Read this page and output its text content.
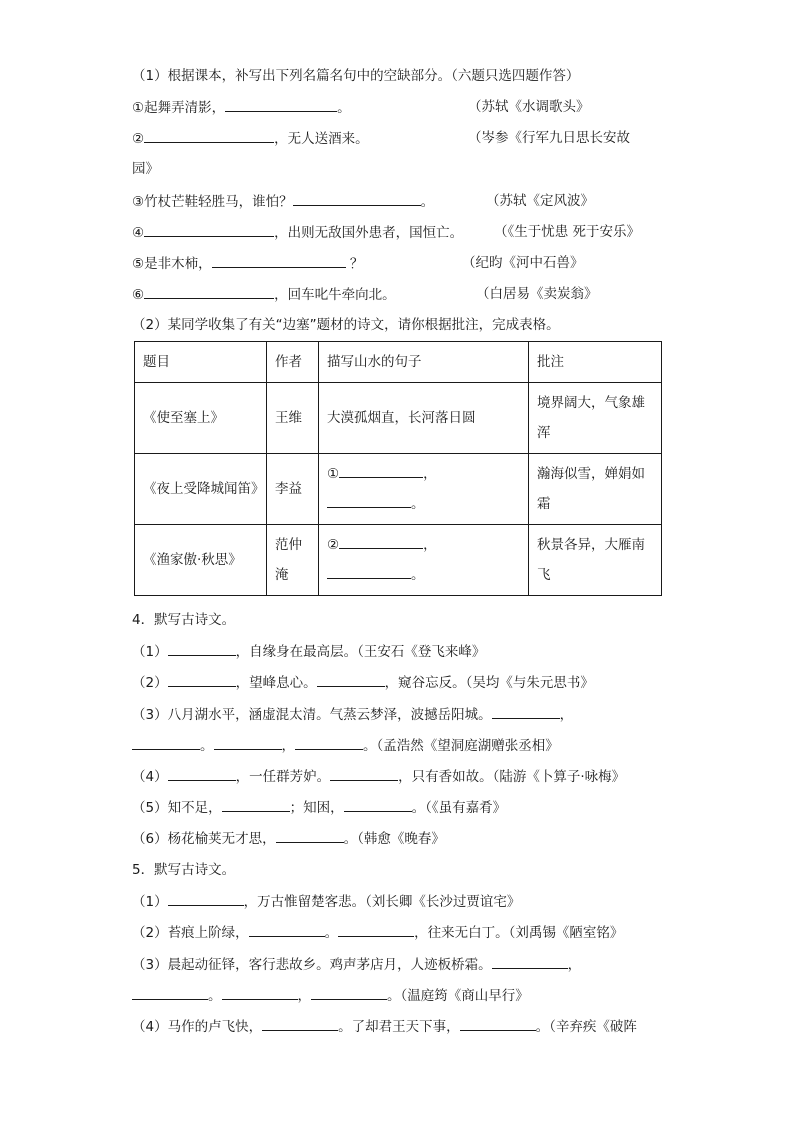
（1）根据课本，补写出下列名篇名句中的空缺部分。（六题只选四题作答）
①起舞弄清影，	。	（苏轼《水调歌头》
②	，无人送酒来。	（岑参《行军九日思长安故
园》
③竹杖芒鞋轻胜马，谁怕？	。	（苏轼《定风波》
④	，出则无敌国外患者，国恒亡。 （《生于忧患 死于安乐》
⑤是非木柿，	？	（纪昀《河中石兽》
⑥	，回车叱牛牵向北。	（白居易《卖炭翁》
（2）某同学收集了有关“边塞”题材的诗文，请你根据批注，完成表格。
题目	作者	描写山水的句子	批注
《使至塞上》	王维	大漠孤烟直，长河落日圆	境界阔大，气象雄浑
《夜上受降城闻笛》	李益	① ，
。	瀚海似雪，婵娟如霜
《渔家傲·秋思》	范仲淹	② ，
。	秋景各异，大雁南飞
4．默写古诗文。
（1）	，自缘身在最高层。（王安石《登飞来峰》
（2）	，望峰息心。	，窥谷忘反。（吴均《与朱元思书》
（3）八月湖水平，涵虚混太清。气蒸云梦泽，波撼岳阳城。	，
。	，	。（孟浩然《望洞庭湖赠张丞相》
（4）	，一任群芳妒。	，只有香如故。（陆游《卜算子·咏梅》
（5）知不足，	；知困，	。（《虽有嘉肴》
（6）杨花榆荚无才思，	。（韩愈《晚春》
5．默写古诗文。
（1）	，万古惟留楚客悲。（刘长卿《长沙过贾谊宅》
（2）苔痕上阶绿，	。	，往来无白丁。（刘禹锡《陋室铭》
（3）晨起动征铎，客行悲故乡。鸡声茅店月，人迹板桥霜。	，
。	，	。（温庭筠《商山早行》
（4）马作的卢飞快，	。了却君王天下事，	。（辛弃疾《破阵
